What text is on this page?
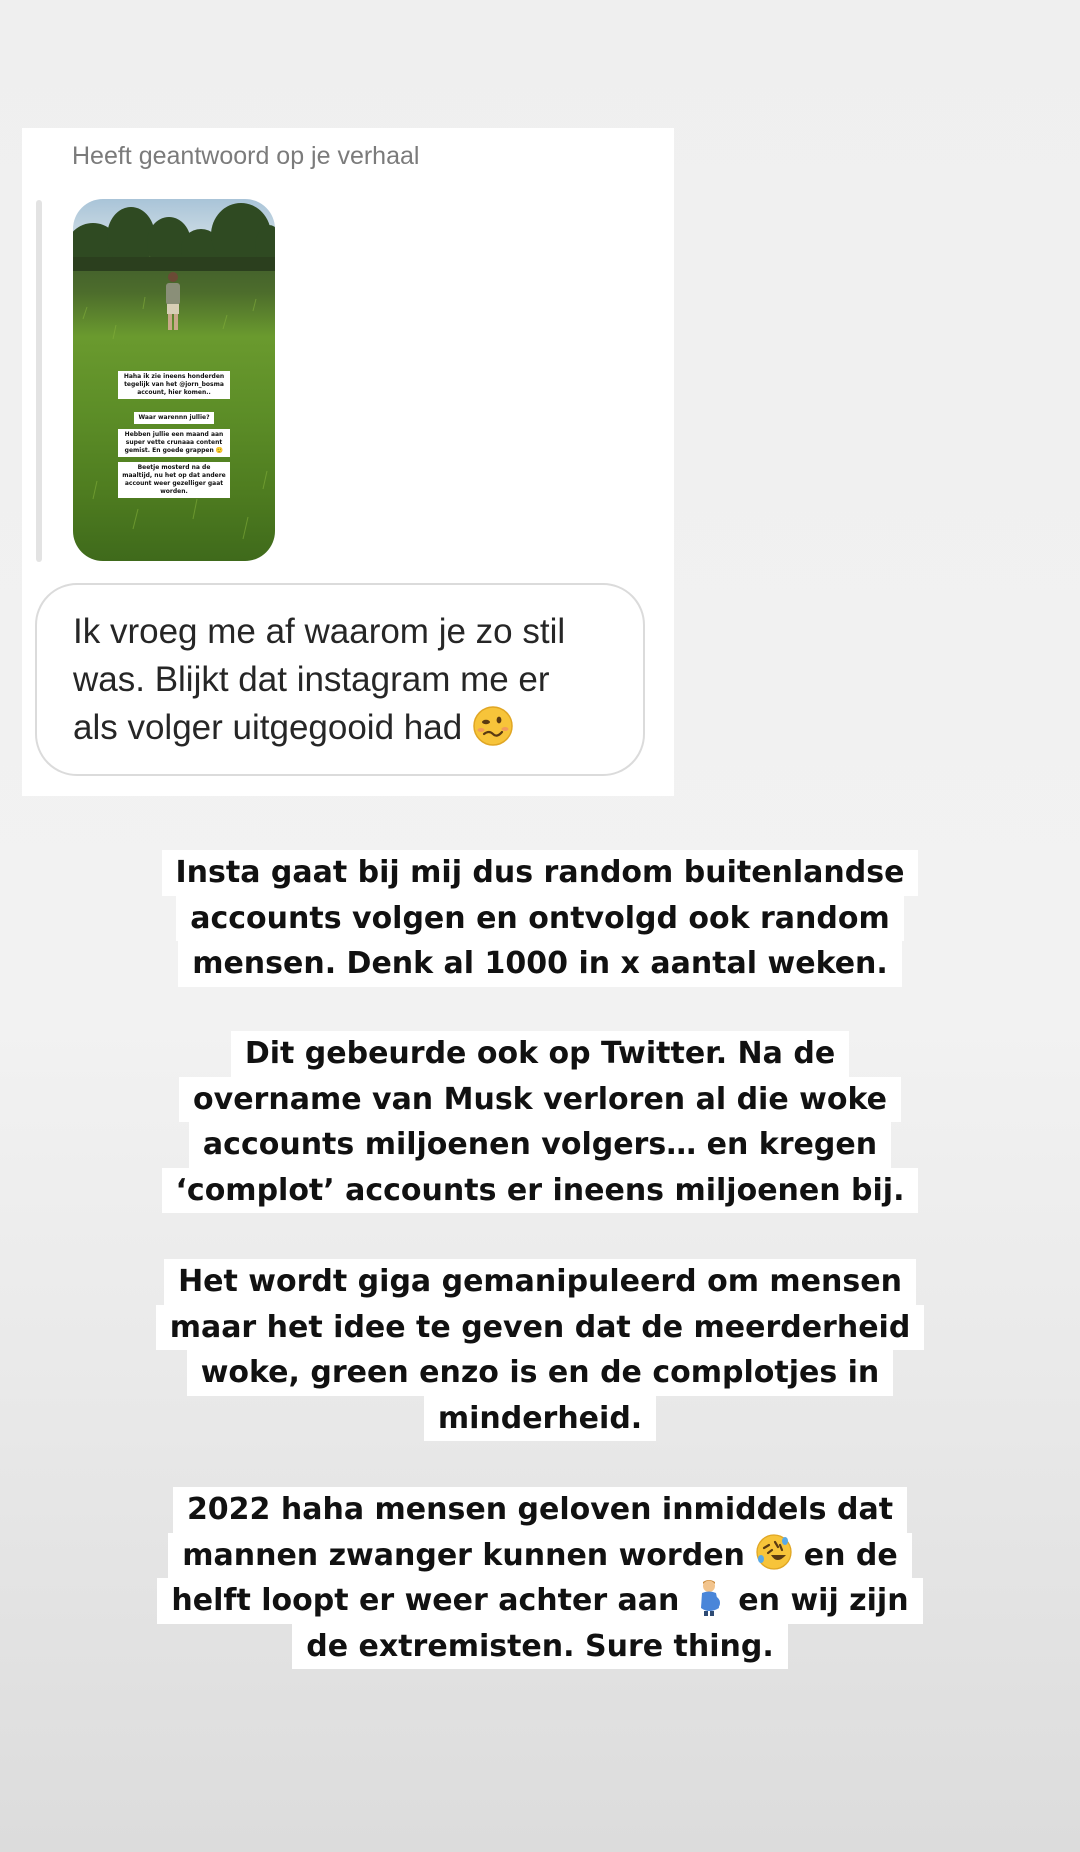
Heeft geantwoord op je verhaal
Haha ik zie ineens honderden tegelijk van het @jorn_bosma account, hier komen..
Waar warennn jullie?
Hebben jullie een maand aan super vette crunaaa content gemist. En goede grappen 🙂
Beetje mosterd na de maaltijd, nu het op dat andere account weer gezelliger gaat worden.
Ik vroeg me af waarom je zo stil
was. Blijkt dat instagram me er
als volger uitgegooid had
Insta gaat bij mij dus random buitenlandse
accounts volgen en ontvolgd ook random
mensen. Denk al 1000 in x aantal weken.
Dit gebeurde ook op Twitter. Na de
overname van Musk verloren al die woke
accounts miljoenen volgers… en kregen
‘complot’ accounts er ineens miljoenen bij.
Het wordt giga gemanipuleerd om mensen
maar het idee te geven dat de meerderheid
woke, green enzo is en de complotjes in
minderheid.
2022 haha mensen geloven inmiddels dat
mannen zwanger kunnen worden  en de
helft loopt er weer achter aan  en wij zijn
de extremisten. Sure thing.
